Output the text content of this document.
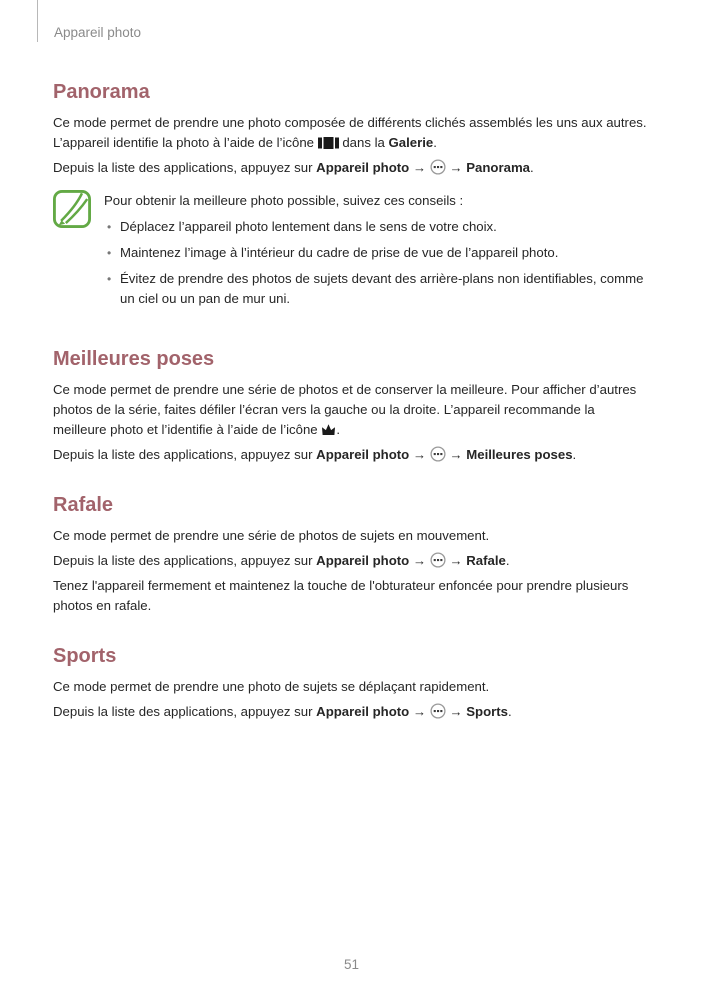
Appareil photo
Panorama

Ce mode permet de prendre une photo composée de différents clichés assemblés les uns aux autres. L’appareil identifie la photo à l’aide de l’icône  dans la Galerie.

Depuis la liste des applications, appuyez sur Appareil photo →  → Panorama.

Pour obtenir la meilleure photo possible, suivez ces conseils :

• Déplacez l’appareil photo lentement dans le sens de votre choix.
• Maintenez l’image à l’intérieur du cadre de prise de vue de l’appareil photo.
• Évitez de prendre des photos de sujets devant des arrière-plans non identifiables, comme un ciel ou un pan de mur uni.
Meilleures poses

Ce mode permet de prendre une série de photos et de conserver la meilleure. Pour afficher d’autres photos de la série, faites défiler l’écran vers la gauche ou la droite. L’appareil recommande la meilleure photo et l’identifie à l’aide de l’icône .

Depuis la liste des applications, appuyez sur Appareil photo →  → Meilleures poses.

Rafale

Ce mode permet de prendre une série de photos de sujets en mouvement.

Depuis la liste des applications, appuyez sur Appareil photo →  → Rafale.

Tenez l'appareil fermement et maintenez la touche de l'obturateur enfoncée pour prendre plusieurs photos en rafale.

Sports

Ce mode permet de prendre une photo de sujets se déplaçant rapidement.

Depuis la liste des applications, appuyez sur Appareil photo →  → Sports.

51
